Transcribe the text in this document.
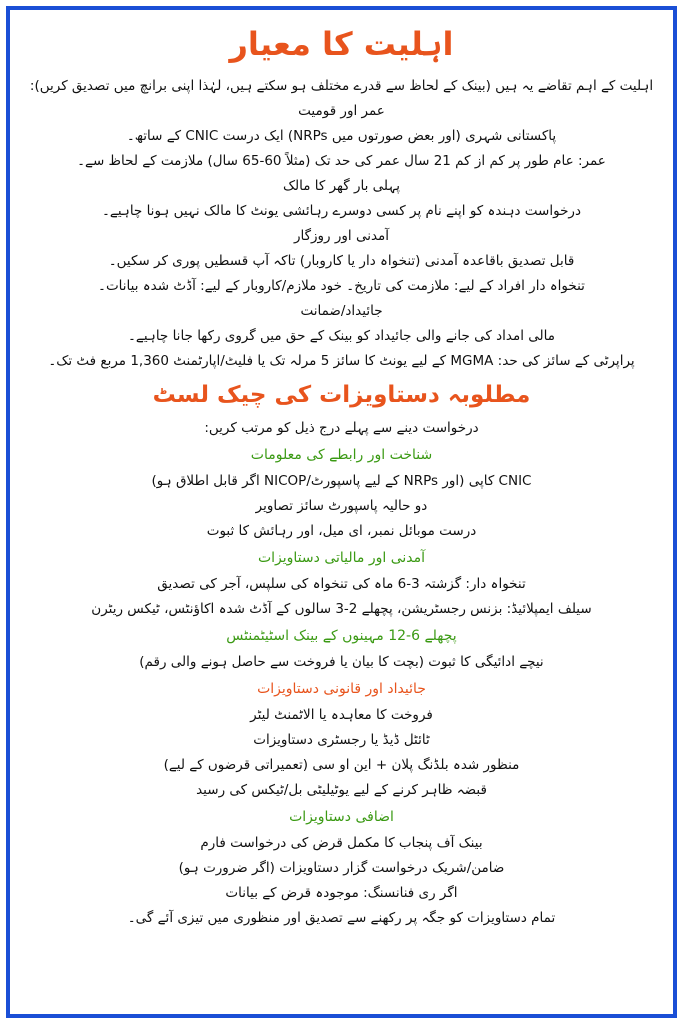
اہلیت کا معیار

اہلیت کے اہم تقاضے یہ ہیں (بینک کے لحاظ سے قدرے مختلف ہو سکتے ہیں، لہٰذا اپنی برانچ میں تصدیق کریں):

عمر اور قومیت

پاکستانی شہری (اور بعض صورتوں میں NRPs) ایک درست CNIC کے ساتھ۔

عمر: عام طور پر کم از کم 21 سال عمر کی حد تک (مثلاً 60-65 سال) ملازمت کے لحاظ سے۔

پہلی بار گھر کا مالک

درخواست دہندہ کو اپنے نام پر کسی دوسرے رہائشی یونٹ کا مالک نہیں ہونا چاہیے۔

آمدنی اور روزگار

قابل تصدیق باقاعدہ آمدنی (تنخواہ دار یا کاروبار) تاکہ آپ قسطیں پوری کر سکیں۔

تنخواہ دار افراد کے لیے: ملازمت کی تاریخ۔ خود ملازم/کاروبار کے لیے: آڈٹ شدہ بیانات۔

جائیداد/ضمانت

مالی امداد کی جانے والی جائیداد کو بینک کے حق میں گروی رکھا جانا چاہیے۔

پراپرٹی کے سائز کی حد: MGMA کے لیے یونٹ کا سائز 5 مرلہ تک یا فلیٹ/اپارٹمنٹ 1,360 مربع فٹ تک۔

مطلوبہ دستاویزات کی چیک لسٹ

درخواست دینے سے پہلے درج ذیل کو مرتب کریں:

شناخت اور رابطے کی معلومات

CNIC کاپی (اور NRPs کے لیے پاسپورٹ/NICOP اگر قابل اطلاق ہو)

دو حالیہ پاسپورٹ سائز تصاویر

درست موبائل نمبر، ای میل، اور رہائش کا ثبوت

آمدنی اور مالیاتی دستاویزات

تنخواہ دار: گزشتہ 3-6 ماہ کی تنخواہ کی سلپس، آجر کی تصدیق

سیلف ایمپلائیڈ: بزنس رجسٹریشن، پچھلے 2-3 سالوں کے آڈٹ شدہ اکاؤنٹس، ٹیکس ریٹرن

پچھلے 6-12 مہینوں کے بینک اسٹیٹمنٹس

نیچے ادائیگی کا ثبوت (بچت کا بیان یا فروخت سے حاصل ہونے والی رقم)

جائیداد اور قانونی دستاویزات

فروخت کا معاہدہ یا الاٹمنٹ لیٹر

ٹائٹل ڈیڈ یا رجسٹری دستاویزات

منظور شدہ بلڈنگ پلان + این او سی (تعمیراتی قرضوں کے لیے)

قبضہ ظاہر کرنے کے لیے یوٹیلیٹی بل/ٹیکس کی رسید

اضافی دستاویزات

بینک آف پنجاب کا مکمل قرض کی درخواست فارم

ضامن/شریک درخواست گزار دستاویزات (اگر ضرورت ہو)

اگر ری فنانسنگ: موجودہ قرض کے بیانات

تمام دستاویزات کو جگہ پر رکھنے سے تصدیق اور منظوری میں تیزی آئے گی۔
